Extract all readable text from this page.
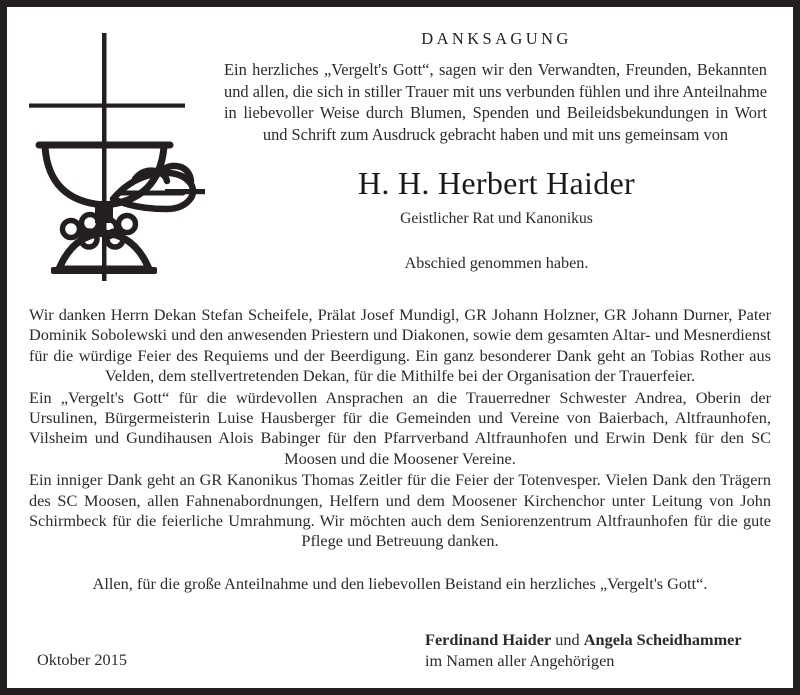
DANKSAGUNG
Ein herzliches „Vergelt's Gott“, sagen wir den Verwandten, Freunden, Bekannten und allen, die sich in stiller Trauer mit uns verbunden fühlen und ihre Anteilnahme in liebevoller Weise durch Blumen, Spenden und Beileidsbekundungen in Wort und Schrift zum Ausdruck gebracht haben und mit uns gemeinsam von
H. H. Herbert Haider
Geistlicher Rat und Kanonikus
Abschied genommen haben.

Wir danken Herrn Dekan Stefan Scheifele, Prälat Josef Mundigl, GR Johann Holzner, GR Johann Durner, Pater Dominik Sobolewski und den anwesenden Priestern und Diakonen, sowie dem gesamten Altar- und Mesnerdienst für die würdige Feier des Requiems und der Beerdigung. Ein ganz besonderer Dank geht an Tobias Rother aus Velden, dem stellvertretenden Dekan, für die Mithilfe bei der Organisation der Trauerfeier.

Ein „Vergelt's Gott“ für die würdevollen Ansprachen an die Trauerredner Schwester Andrea, Oberin der Ursulinen, Bürgermeisterin Luise Hausberger für die Gemeinden und Vereine von Baierbach, Altfraunhofen, Vilsheim und Gundihausen Alois Babinger für den Pfarrverband Altfraunhofen und Erwin Denk für den SC Moosen und die Moosener Vereine.

Ein inniger Dank geht an GR Kanonikus Thomas Zeitler für die Feier der Totenvesper. Vielen Dank den Trägern des SC Moosen, allen Fahnenabordnungen, Helfern und dem Moosener Kirchenchor unter Leitung von John Schirmbeck für die feierliche Umrahmung. Wir möchten auch dem Seniorenzentrum Altfraunhofen für die gute Pflege und Betreuung danken.

Allen, für die große Anteilnahme und den liebevollen Beistand ein herzliches „Vergelt's Gott“.

Oktober 2015
Ferdinand Haider und Angela Scheidhammer
im Namen aller Angehörigen
